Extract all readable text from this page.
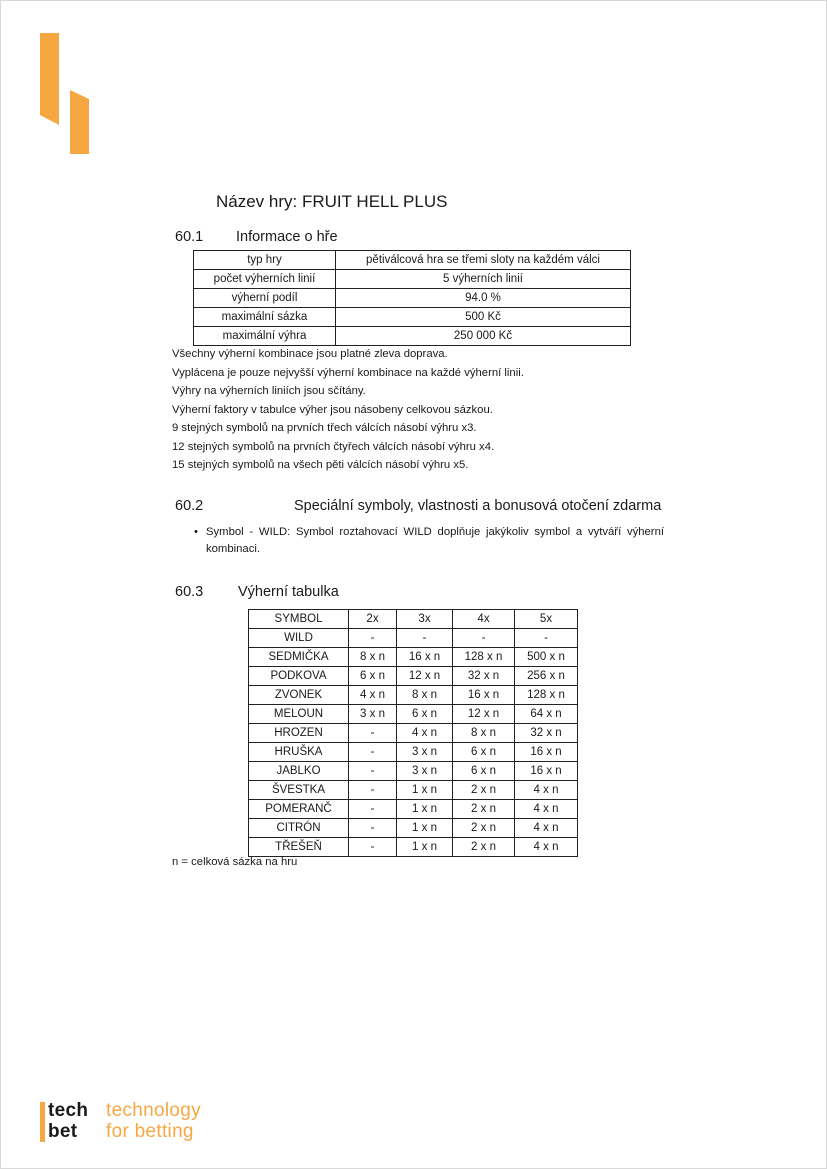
Název hry: FRUIT HELL PLUS
60.1 Informace o hře
typ hry	pětiválcová hra se třemi sloty na každém válci
počet výherních linií	5 výherních linií
výherní podíl	94.0 %
maximální sázka	500 Kč
maximální výhra	250 000 Kč
Všechny výherní kombinace jsou platné zleva doprava.
Vyplácena je pouze nejvyšší výherní kombinace na každé výherní linii.
Výhry na výherních liniích jsou sčítány.
Výherní faktory v tabulce výher jsou násobeny celkovou sázkou.
9 stejných symbolů na prvních třech válcích násobí výhru x3.
12 stejných symbolů na prvních čtyřech válcích násobí výhru x4.
15 stejných symbolů na všech pěti válcích násobí výhru x5.
60.2	Speciální symboly, vlastnosti a bonusová otočení zdarma
• Symbol - WILD: Symbol roztahovací WILD doplňuje jakýkoliv symbol a vytváří výherní kombinaci.
60.3 Výherní tabulka
SYMBOL	2x	3x	4x	5x
WILD	-	-	-	-
SEDMIČKA	8 x n	16 x n	128 x n	500 x n
PODKOVA	6 x n	12 x n	32 x n	256 x n
ZVONEK	4 x n	8 x n	16 x n	128 x n
MELOUN	3 x n	6 x n	12 x n	64 x n
HROZEN	-	4 x n	8 x n	32 x n
HRUŠKA	-	3 x n	6 x n	16 x n
JABLKO	-	3 x n	6 x n	16 x n
ŠVESTKA	-	1 x n	2 x n	4 x n
POMERANČ	-	1 x n	2 x n	4 x n
CITRÓN	-	1 x n	2 x n	4 x n
TŘEŠEŇ	-	1 x n	2 x n	4 x n
n = celková sázka na hru
tech
bet
technology
for betting
